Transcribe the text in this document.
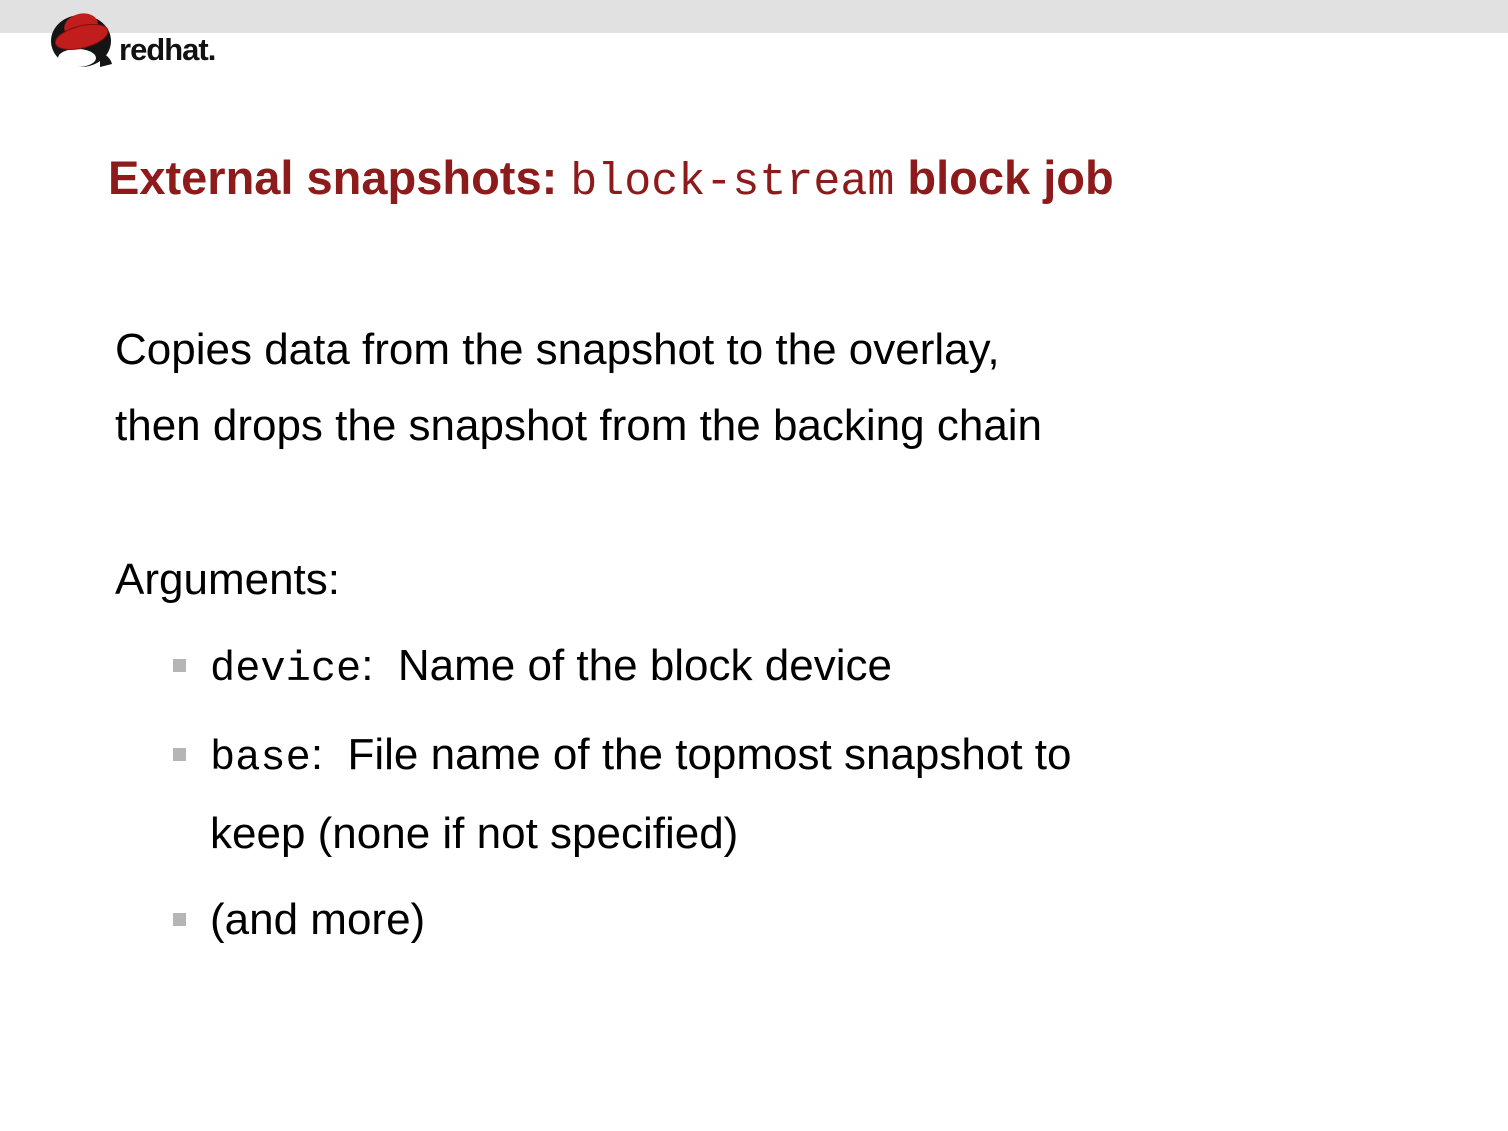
redhat.
External snapshots: block-stream block job
Copies data from the snapshot to the overlay,
then drops the snapshot from the backing chain
Arguments:
device:  Name of the block device
base:  File name of the topmost snapshot to
keep (none if not specified)
(and more)
